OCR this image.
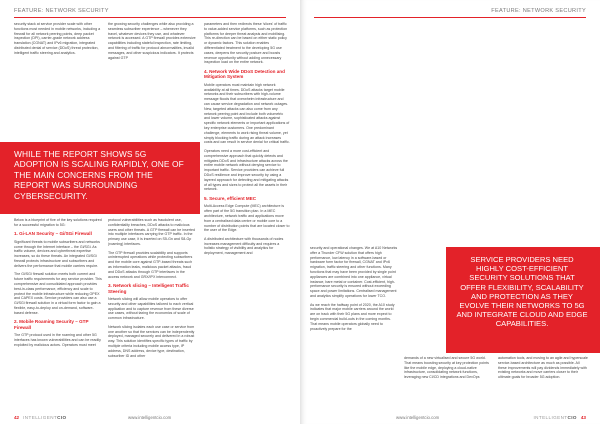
FEATURE: NETWORK SECURITY

security stack at service provider scale with other functions most needed in mobile networks, including a firewall for all network peering points, deep packet inspection (DPI), carrier-grade network address translation (CGNAT) and IPv6 migration, integrated distributed denial of service (DDoS) threat protection, intelligent traffic steering and analytics.

the growing security challenges while also providing a seamless subscriber experience – whenever they travel, whatever devices they use, and whatever network is accessed. A GTP firewall provides extensive capabilities including stateful inspection, rate limiting, and filtering of traffic for protocol abnormalities, invalid messages, and other suspicious indicators. It protects against GTP

WHILE THE REPORT SHOWS 5G ADOPTION IS SCALING RAPIDLY, ONE OF THE MAIN CONCERNS FROM THE REPORT WAS SURROUNDING CYBERSECURITY.

Below is a blueprint of five of the key solutions required for a successful migration to 5G:

1. Gi-LAN Security – Gi/SGi Firewall

Significant threats to mobile subscribers and networks come through the Internet interface – the Gi/SGi. As traffic volume, devices and cyberthreat expertise increases, so do these threats. An integrated Gi/SGi firewall protects infrastructure and subscribers and delivers the performance that mobile carriers require.

The Gi/SGi firewall solution meets both current and future traffic requirements for any service provider. This comprehensive and consolidated approach provides best-in-class performance, efficiency and scale to protect the mobile infrastructure while reducing OPEX and CAPEX costs. Service providers can also use a Gi/SGi firewall solution in a virtual form factor to gain a flexible, easy-to-deploy and on-demand, software-based defense.

2. Mobile Roaming Security – GTP Firewall

The GTP protocol used in the roaming and other 5G interfaces has known vulnerabilities and can be readily exploited by malicious actors. Operators must meet

protocol vulnerabilities such as fraudulent use, confidentiality breaches, DDoS attacks to malicious users and other threats. A GTP firewall can be inserted into multiple interfaces carrying the GTP traffic. In the primary use case, it is inserted on S5-Gn and S8-Gp (roaming) interfaces.

The GTP firewall provides scalability and supports uninterrupted operations while protecting subscribers and the mobile core against GTP-based threats such as information leaks, malicious packet attacks, fraud and DDoS attacks through GTP interfaces in the access network and GRX/IPX interconnect.

3. Network slicing – Intelligent Traffic Steering

Network slicing will allow mobile operators to offer security and other capabilities tailored to each vertical application and to capture revenue from these diverse use cases, without taxing the economics of scale of common infrastructure.

Network slicing isolates each use case or service from one another so that the services can be independently deployed, managed securely and delivered in a robust way. This solution identifies specific types of traffic by multiple criteria including mobile access type, IP address, DNS address, device type, destination, subscriber ID and other

parameters and then redirects these 'slices' of traffic to value-added service platforms, such as protection platforms for deeper threat analysis and mobilising. This re-direction can be based on either static policy or dynamic factors. This solution enables differentiated treatment to the developing 5G use cases, deepens the security posture and boosts revenue opportunity without adding unnecessary inspection load on the entire network.

4. Network Wide DDoS Detection and Mitigation System

Mobile operators must maintain high network availability at all times. DDoS attacks target mobile networks and their subscribers with high-volume message floods that overwhelm infrastructure and can cause service degradation and network outages. New, targeted attacks can also come from any network peering point and include both volumetric and lower volume, sophisticated attacks against specific network elements or important applications of key enterprise customers. One predominant challenge, elements to work rising threat volume, yet simply blocking traffic during an attack increases costs and can result in service denial for critical traffic.

Operators need a more cost-efficient and comprehensive approach that quickly detects and mitigates DDoS and infrastructure attacks across the entire mobile network without denying service to important traffic. Service providers can achieve full DDoS resilience and improve security by using a layered approach for detecting and mitigating attacks of all types and sizes to protect all the assets in their network.

5. Secure, efficient MEC

Multi-Access Edge Compute (MEC) architecture is often part of the 5G transition plan. In a MEC architecture, network traffic and applications move from a centralised data centre or mobile core to a number of distribution points that are located closer to the user of the Edge.

A distributed architecture with thousands of nodes increases management difficulty and requires a holistic strategy of visibility and analytics for deployment, management and

42 INTELLIGENTCIO	www.intelligentcio.com
FEATURE: NETWORK SECURITY

security and operational changes. We at A10 Networks offer a Thunder CFW solution that offers high performance, low latency in a software-based or hardware form factor for firewall, CGNAT and IPv6 migration, traffic steering and other functions. Many functions that may have been provided by single point appliances are combined into one appliance, virtual instance, bare metal or container. Cost-efficient, high-performance security is ensured without exceeding space and power limitations. Centralised management and analytics simplify operations for lower TCO.

As we reach the halfway point of 2020, the A10 study indicates that major mobile carriers around the world are on track with their 5G plans and more expect to begin commercial build-outs in the coming months. That means mobile operators globally need to proactively prepare for the

demands of a new virtualised and secure 5G world. That means boosting security at key protection points like the mobile edge, deploying a cloud-native infrastructure, consolidating network functions, leveraging new CI/CD integrations and DevOps

automation tools, and moving to an agile and hyperscale service-based architecture as much as possible. All these improvements will pay dividends immediately with existing networks and move carriers closer to their ultimate goals for broader 5G adoption.

SERVICE PROVIDERS NEED HIGHLY COST-EFFICIENT SECURITY SOLUTIONS THAT OFFER FLEXIBILITY, SCALABILITY AND PROTECTION AS THEY EVOLVE THEIR NETWORKS TO 5G AND INTEGRATE CLOUD AND EDGE CAPABILITIES.
www.intelligentcio.com	INTELLIGENTCIO 43
